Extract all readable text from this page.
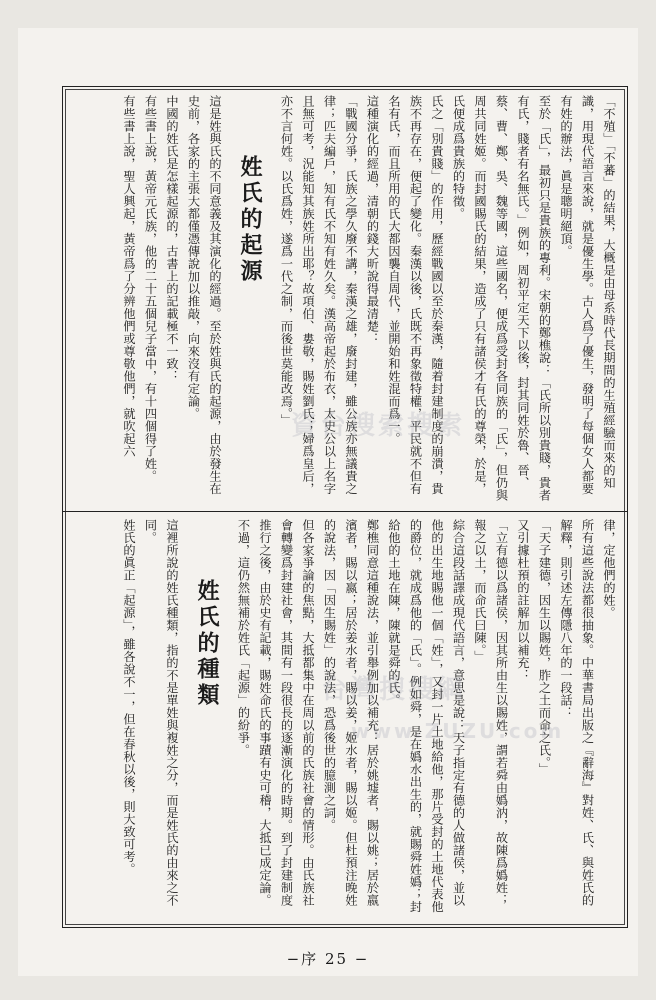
「不殖」「不蕃」的結果，大概是由母系時代長期間的生殖經驗而來的知識，用現代語言來說，就是優生學。古人爲了優生，發明了每個女人都要有姓的辦法，眞是聰明絕頂。

至於「氏」，最初只是貴族的專利。宋朝的鄭樵說：「氏所以別貴賤，貴者有氏，賤者有名無氏。」例如，周初平定天下以後，封其同姓於魯、晉、蔡、曹、鄭、吳、魏等國，這些國名，便成爲受封各同族的「氏」，但仍與周共同姓姬。而封國賜氏的結果，造成了只有諸侯才有氏的尊榮，於是，氏便成爲貴族的特徵。

氏之「別貴賤」的作用，歷經戰國以至於秦漢，隨着封建制度的崩潰，貴族不再存在，便起了變化。秦漢以後，氏既不再象徵特權，平民就不但有名有氏，而且所用的氏大都因襲自周代，並開始和姓混而爲一。

這種演化的經過，清朝的錢大昕說得最清楚：

「戰國分爭，氏族之學久廢不講，秦漢之雄，廢封建，雖公族亦無議貴之律；匹夫編戶，知有氏不知有姓久矣。漢高帝起於布衣，太史公以上名字且無可考，況能知其族姓所出耶？故項伯、婁敬，賜姓劉氏；婦爲皇后，亦不言何姓。以氏爲姓，遂爲一代之制，而後世莫能改焉。」

姓氏的起源

這是姓與氏的不同意義及其演化的經過。至於姓與氏的起源，由於發生在史前，各家的主張大都僅憑傳說加以推敲，向來沒有定論。

中國的姓氏是怎樣起源的，古書上的記載極不一致：

有些書上說，黃帝元氏族，他的二十五個兒子當中，有十四個得了姓。

有些書上說，聖人興起，黃帝爲了分辨他們或尊敬他們，就吹起六	資台搜索搜索

律，定他們的姓。

所有這些說法都很抽象。中華書局出版之『辭海』對姓、氏、與姓氏的解釋，則引述左傳隱八年的一段話：

「天子建德，因生以賜姓，胙之土而命之氏。」

又引據杜預的註解加以補充：

「立有德以爲諸侯，因其所由生以賜姓，謂若舜由嬀汭，故陳爲嬀姓；報之以土，而命氏曰陳。」

綜合這段話譯成現代語言，意思是說：天子指定有德的人做諸侯，並以他的出生地賜他一個「姓」，又封一片土地給他，那片受封的土地代表他的爵位，就成爲他的「氏」。例如舜，是在嬀水出生的，就賜舜姓嬀；封給他的土地在陳，陳就是舜的氏。

鄭樵同意這種說法，並引舉例加以補充：居於姚墟者，賜以姚；居於嬴濱者，賜以嬴；居於姜水者，賜以姜，姬水者，賜以姬。但杜預注晚姓的說法，因「因生賜姓」的說法，恐爲後世的臆測之詞。

但各家爭論的焦點，大抵都集中在周以前的氏族社會的情形。由氏族社會轉變爲封建社會，其間有一段很長的逐漸演化的時期。到了封建制度推行之後，由於史有記載，賜姓命氏的事蹟有史可稽，大抵已成定論。不過，這仍然無補於姓氏「起源」的紛爭。

姓氏的種類

這裡所說的姓氏種類，指的不是單姓與複姓之分，而是姓氏的由來之不同。

姓氏的眞正「起源」，雖各說不一，但在春秋以後，則大致可考。	台灣搜搜網
www.ZUZU.com
−序 25 −
